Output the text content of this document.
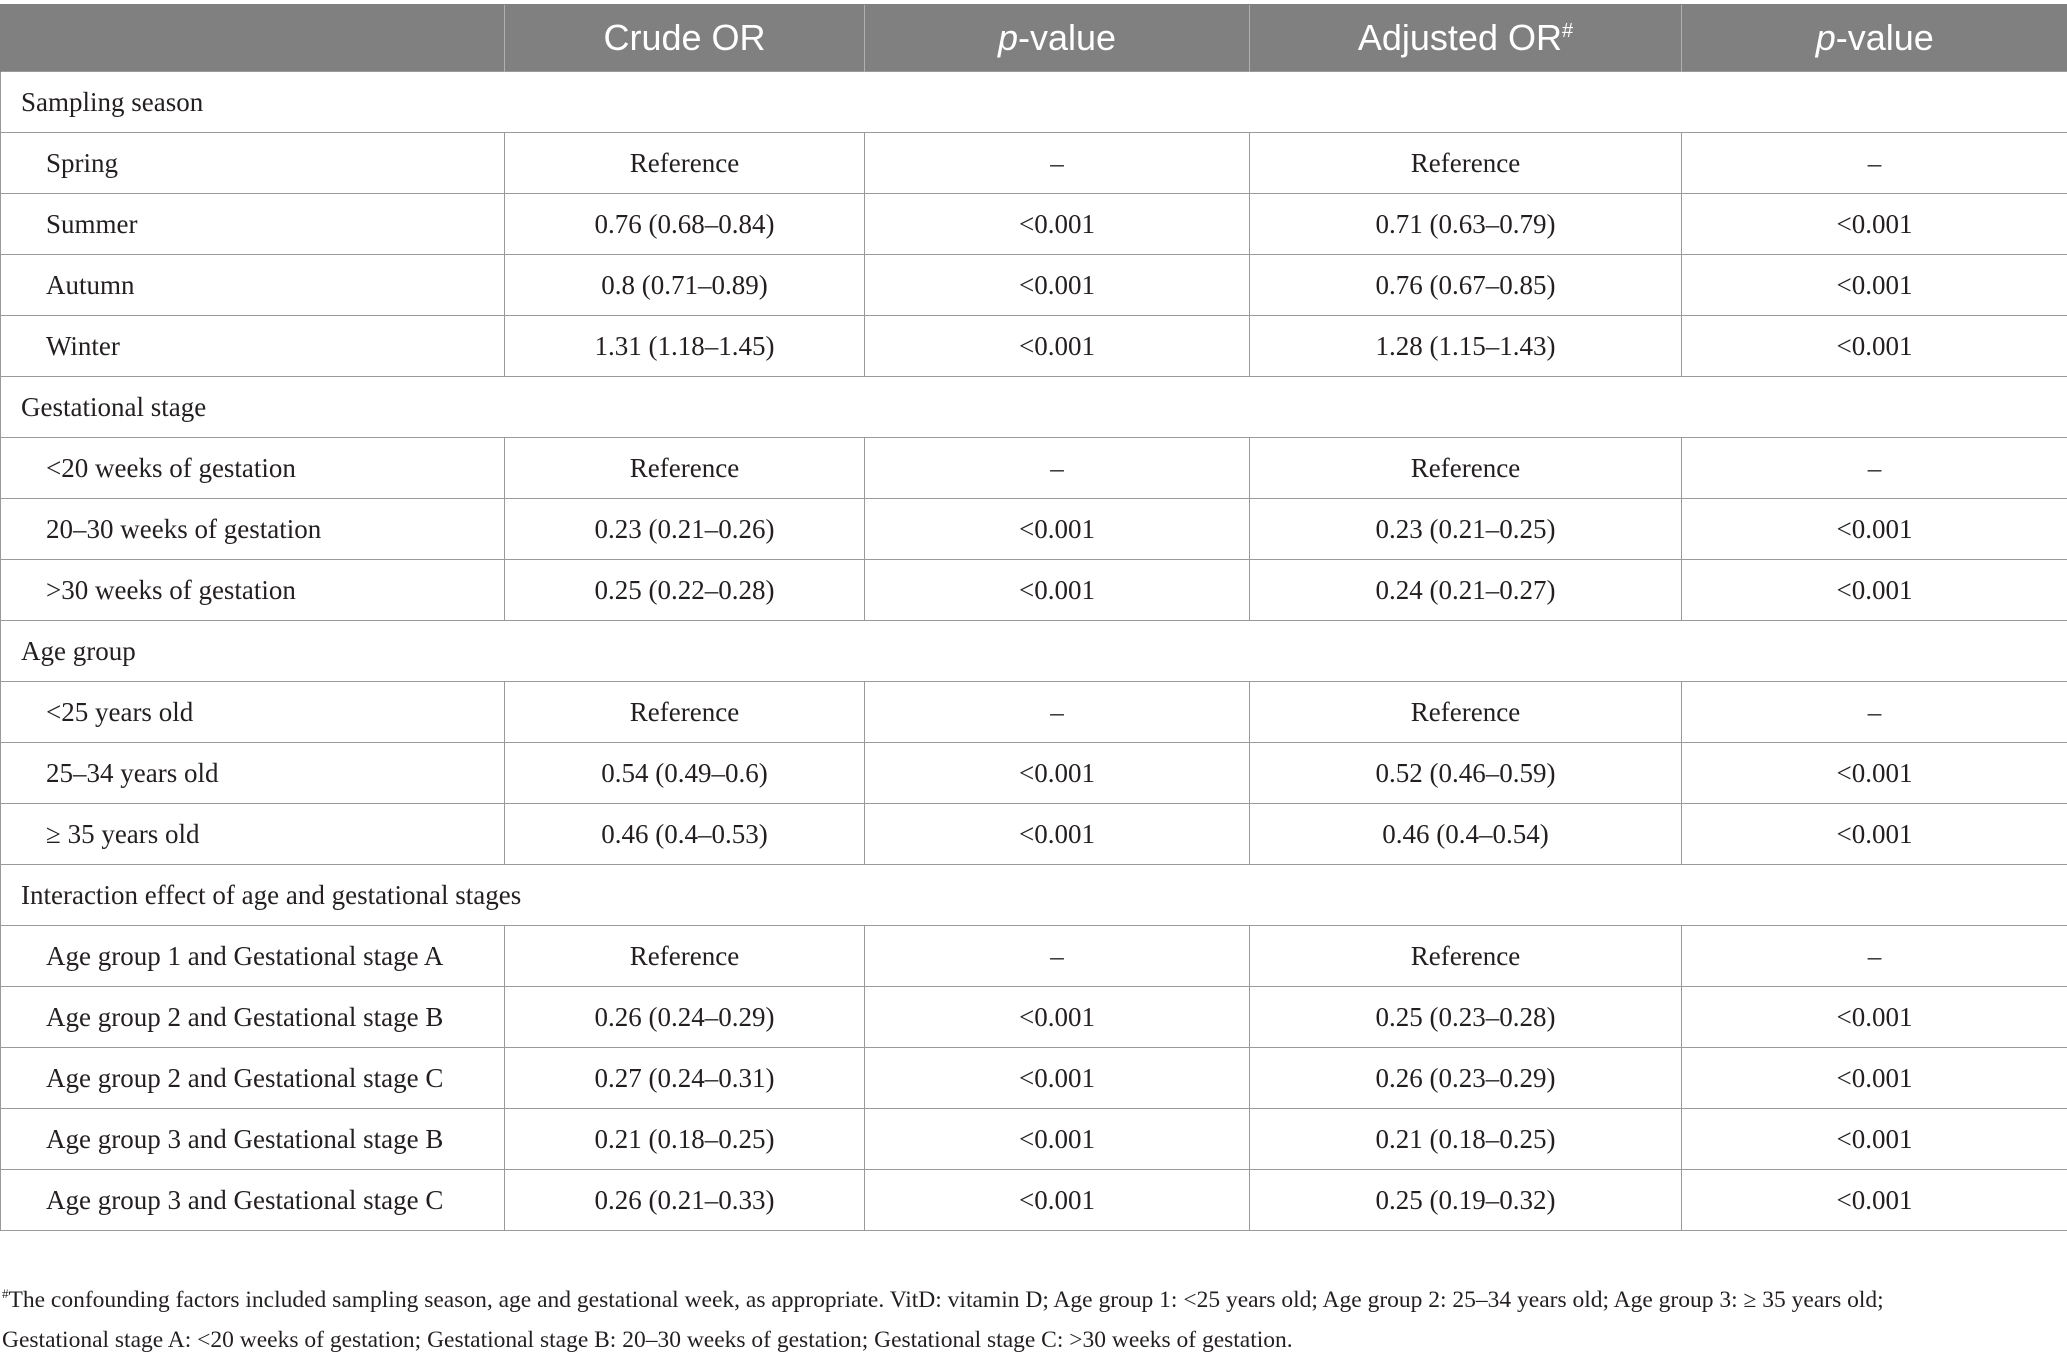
	Crude OR	p-value	Adjusted OR#	p-value
Sampling season				
Spring	Reference	–	Reference	–
Summer	0.76 (0.68–0.84)	<0.001	0.71 (0.63–0.79)	<0.001
Autumn	0.8 (0.71–0.89)	<0.001	0.76 (0.67–0.85)	<0.001
Winter	1.31 (1.18–1.45)	<0.001	1.28 (1.15–1.43)	<0.001
Gestational stage				
<20 weeks of gestation	Reference	–	Reference	–
20–30 weeks of gestation	0.23 (0.21–0.26)	<0.001	0.23 (0.21–0.25)	<0.001
>30 weeks of gestation	0.25 (0.22–0.28)	<0.001	0.24 (0.21–0.27)	<0.001
Age group				
<25 years old	Reference	–	Reference	–
25–34 years old	0.54 (0.49–0.6)	<0.001	0.52 (0.46–0.59)	<0.001
≥ 35 years old	0.46 (0.4–0.53)	<0.001	0.46 (0.4–0.54)	<0.001
Interaction effect of age and gestational stages				
Age group 1 and Gestational stage A	Reference	–	Reference	–
Age group 2 and Gestational stage B	0.26 (0.24–0.29)	<0.001	0.25 (0.23–0.28)	<0.001
Age group 2 and Gestational stage C	0.27 (0.24–0.31)	<0.001	0.26 (0.23–0.29)	<0.001
Age group 3 and Gestational stage B	0.21 (0.18–0.25)	<0.001	0.21 (0.18–0.25)	<0.001
Age group 3 and Gestational stage C	0.26 (0.21–0.33)	<0.001	0.25 (0.19–0.32)	<0.001
#The confounding factors included sampling season, age and gestational week, as appropriate. VitD: vitamin D; Age group 1: <25 years old; Age group 2: 25–34 years old; Age group 3: ≥ 35 years old; Gestational stage A: <20 weeks of gestation; Gestational stage B: 20–30 weeks of gestation; Gestational stage C: >30 weeks of gestation.
